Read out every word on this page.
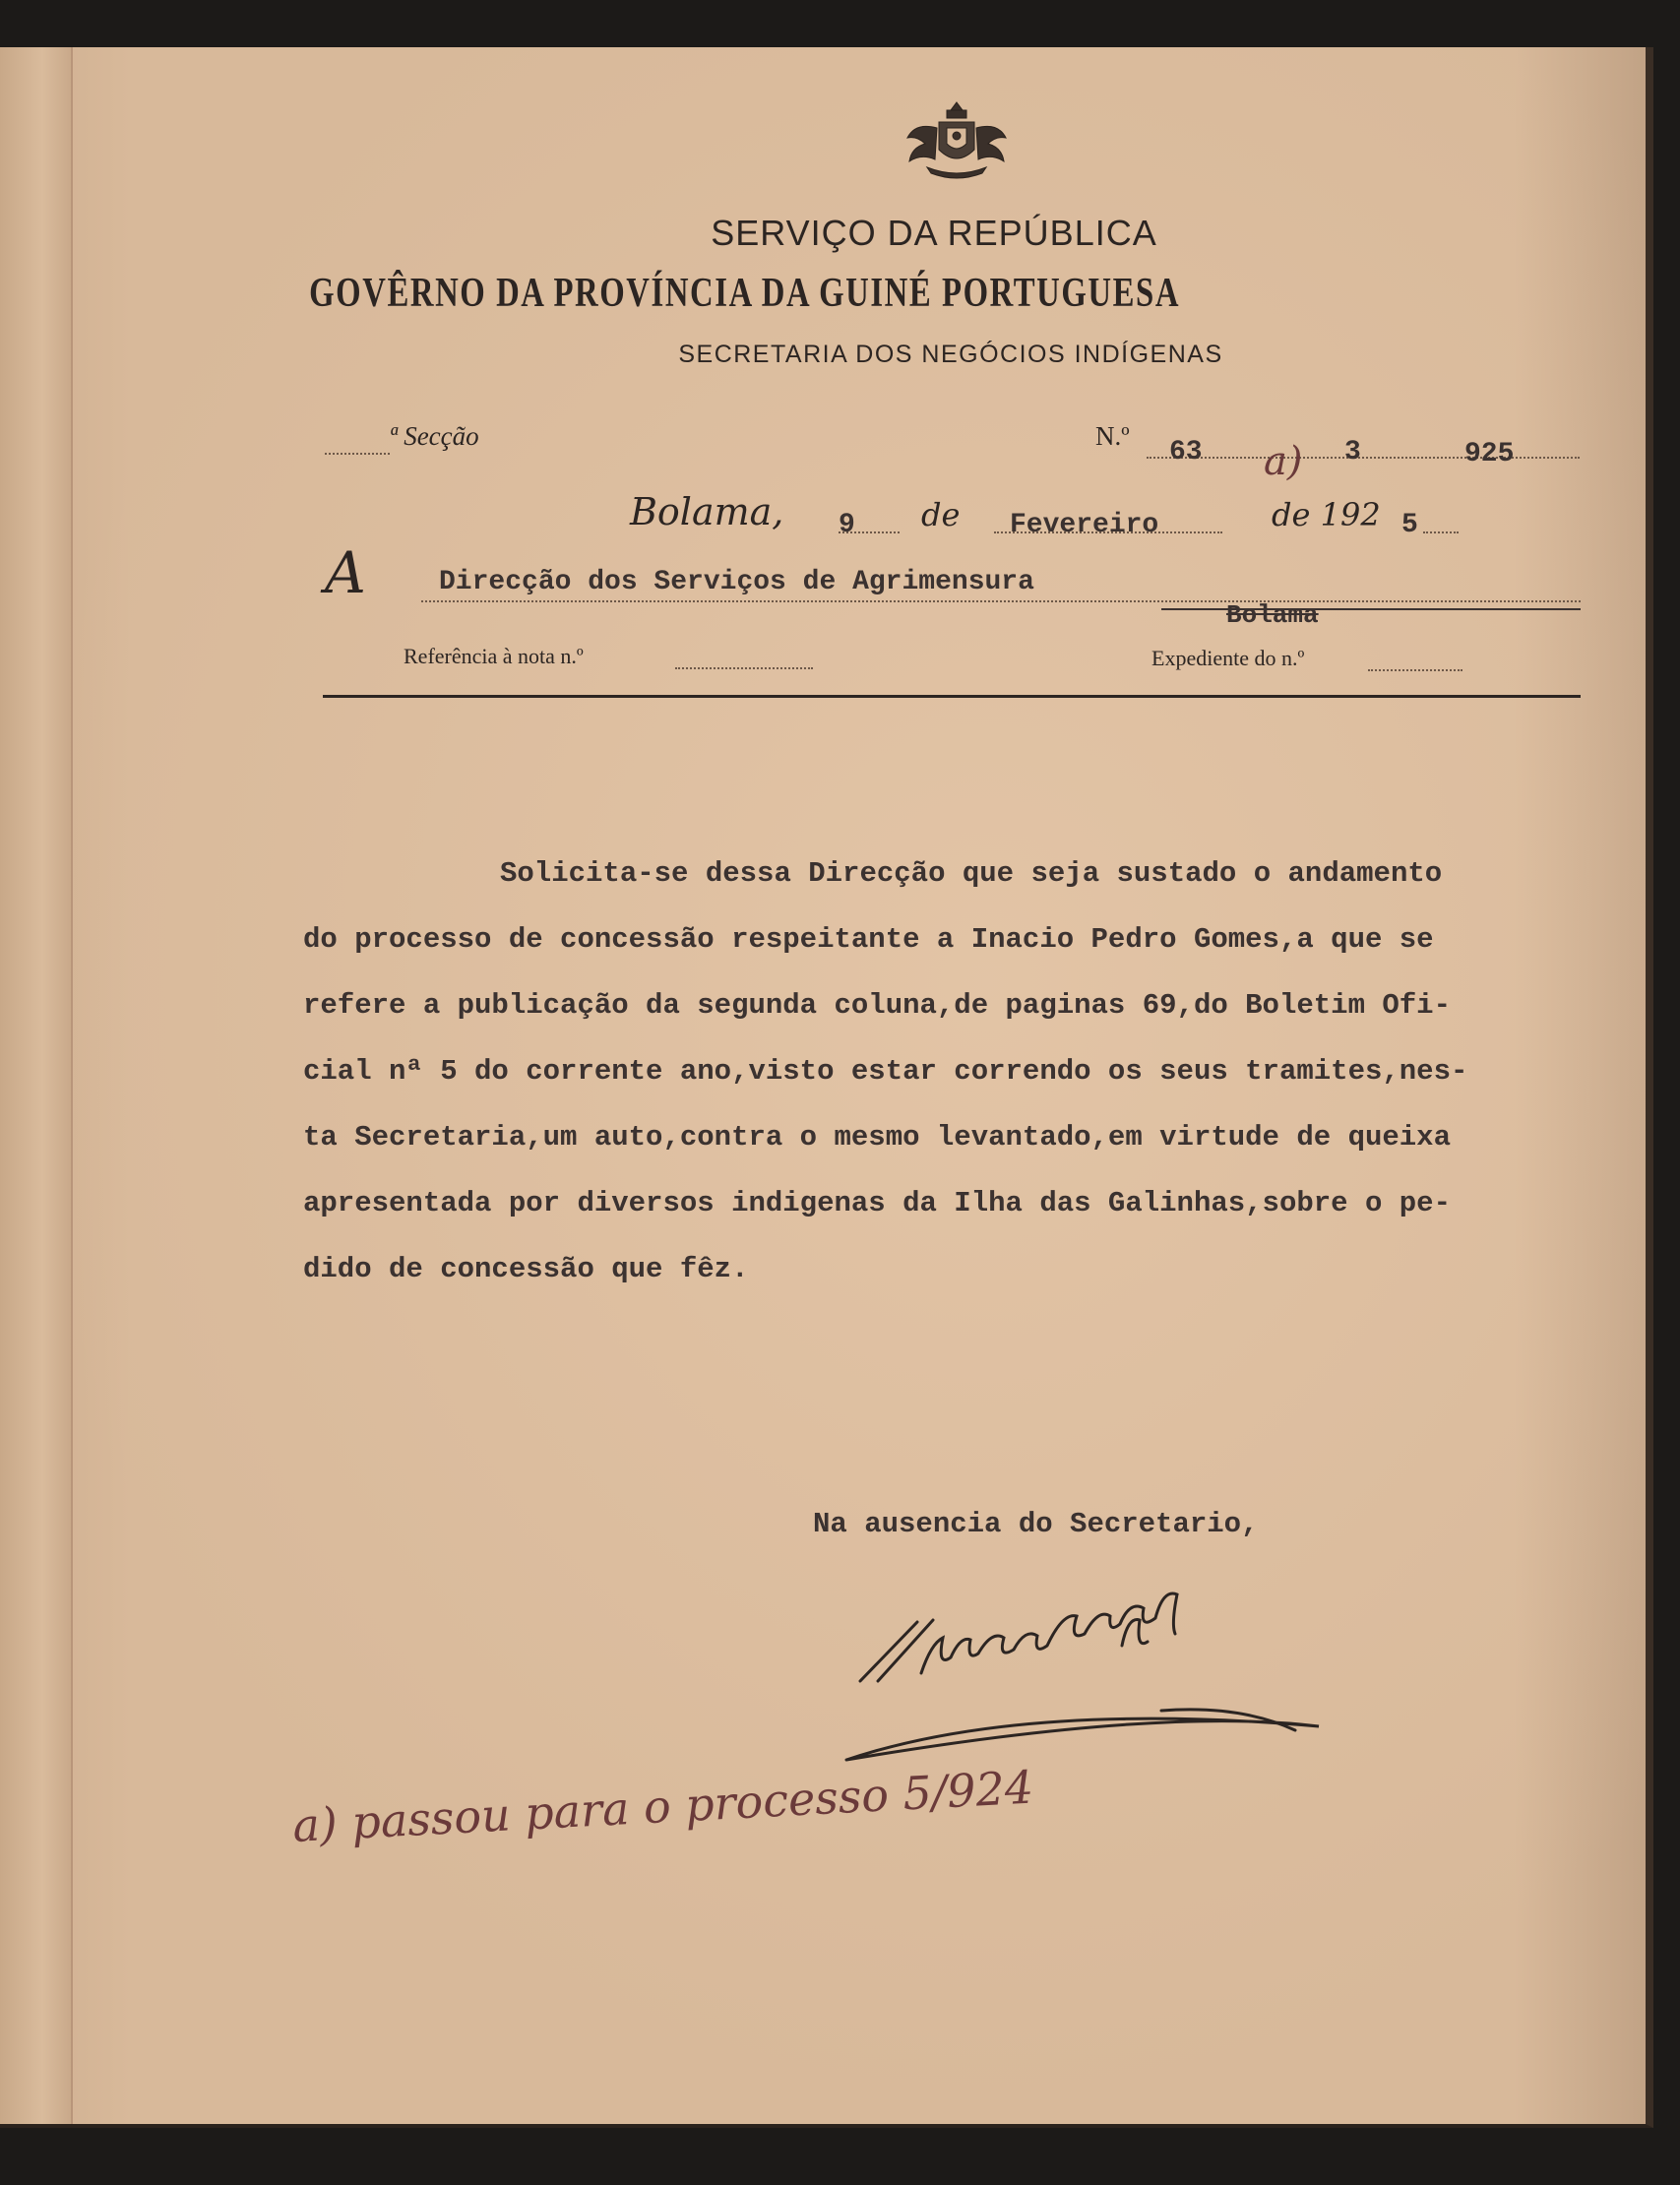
SERVIÇO DA REPÚBLICA
GOVÊRNO DA PROVÍNCIA DA GUINÉ PORTUGUESA
SECRETARIA DOS NEGÓCIOS INDÍGENAS
ª Secção	N.º
63 a) 3	925
Bolama, 9 de Fevereiro	de 192 5
A	Direcção dos Serviços de Agrimensura
Bolama
Referência à nota n.º	Expediente do n.º

Solicita-se dessa Direcção que seja sustado o andamento

do processo de concessão respeitante a Inacio Pedro Gomes,a que se

refere a publicação da segunda coluna,de paginas 69,do Boletim Ofi-

cial nª 5 do corrente ano,visto estar correndo os seus tramites,nes-

ta Secretaria,um auto,contra o mesmo levantado,em virtude de queixa

apresentada por diversos indigenas da Ilha das Galinhas,sobre o pe-

dido de concessão que fêz.

Na ausencia do Secretario,
a) passou para o processo 5/924
